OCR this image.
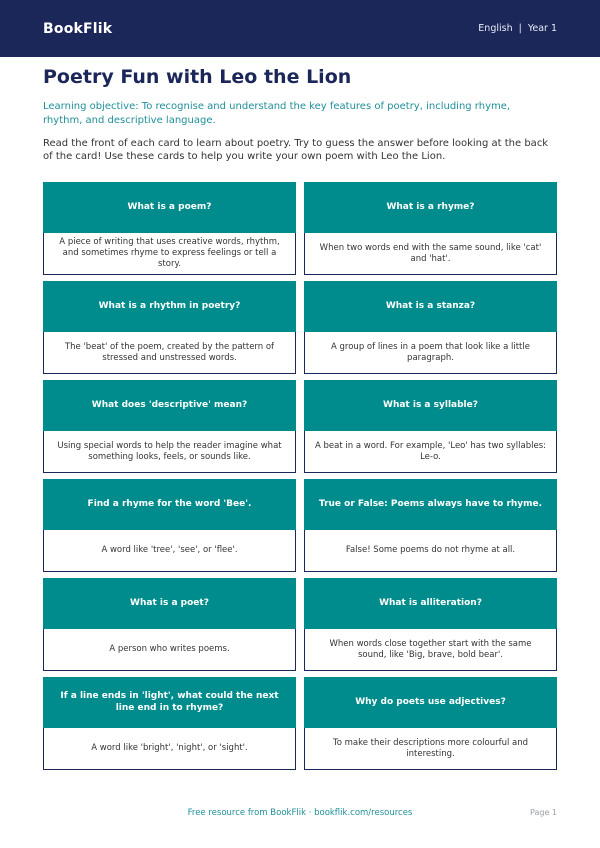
BookFlik	English | Year 1
Poetry Fun with Leo the Lion

Learning objective: To recognise and understand the key features of poetry, including rhyme, rhythm, and descriptive language.

Read the front of each card to learn about poetry. Try to guess the answer before looking at the back of the card! Use these cards to help you write your own poem with Leo the Lion.

What is a poem?
A piece of writing that uses creative words, rhythm, and sometimes rhyme to express feelings or tell a story.
What is a rhyme?
When two words end with the same sound, like 'cat' and 'hat'.
What is a rhythm in poetry?
The 'beat' of the poem, created by the pattern of stressed and unstressed words.
What is a stanza?
A group of lines in a poem that look like a little paragraph.
What does 'descriptive' mean?
Using special words to help the reader imagine what something looks, feels, or sounds like.
What is a syllable?
A beat in a word. For example, 'Leo' has two syllables: Le-o.
Find a rhyme for the word 'Bee'.
A word like 'tree', 'see', or 'flee'.
True or False: Poems always have to rhyme.
False! Some poems do not rhyme at all.
What is a poet?
A person who writes poems.
What is alliteration?
When words close together start with the same sound, like 'Big, brave, bold bear'.
If a line ends in 'light', what could the next line end in to rhyme?
A word like 'bright', 'night', or 'sight'.
Why do poets use adjectives?
To make their descriptions more colourful and interesting.
Free resource from BookFlik · bookflik.com/resources	Page 1
